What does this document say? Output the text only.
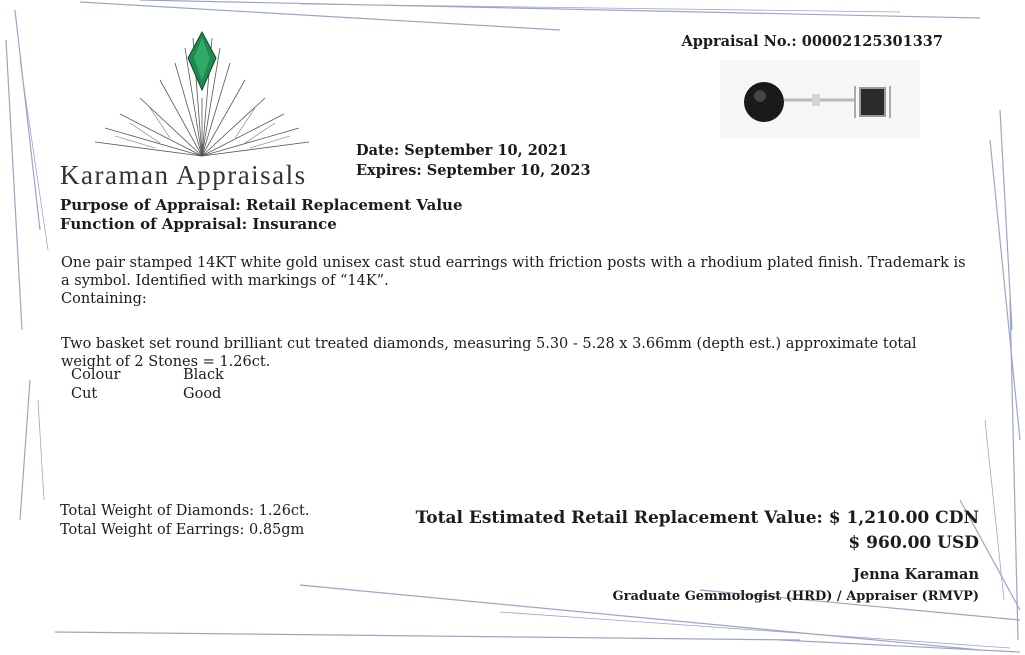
Karaman Appraisals
Date: September 10, 2021
Expires: September 10, 2023
Appraisal No.: 00002125301337
Purpose of Appraisal: Retail Replacement Value
Function of Appraisal: Insurance
One pair stamped 14KT white gold unisex cast stud earrings with friction posts with a rhodium plated finish. Trademark is a symbol. Identified with markings of “14K”.
Containing:
Two basket set round brilliant cut treated diamonds, measuring 5.30 - 5.28 x 3.66mm (depth est.) approximate total weight of 2 Stones = 1.26ct.
Colour	Black
Cut	Good
Total Weight of Diamonds: 1.26ct.
Total Weight of Earrings: 0.85gm
Total Estimated Retail Replacement Value: $ 1,210.00 CDN
$ 960.00 USD
Jenna Karaman
Graduate Gemmologist (HRD) / Appraiser (RMVP)
